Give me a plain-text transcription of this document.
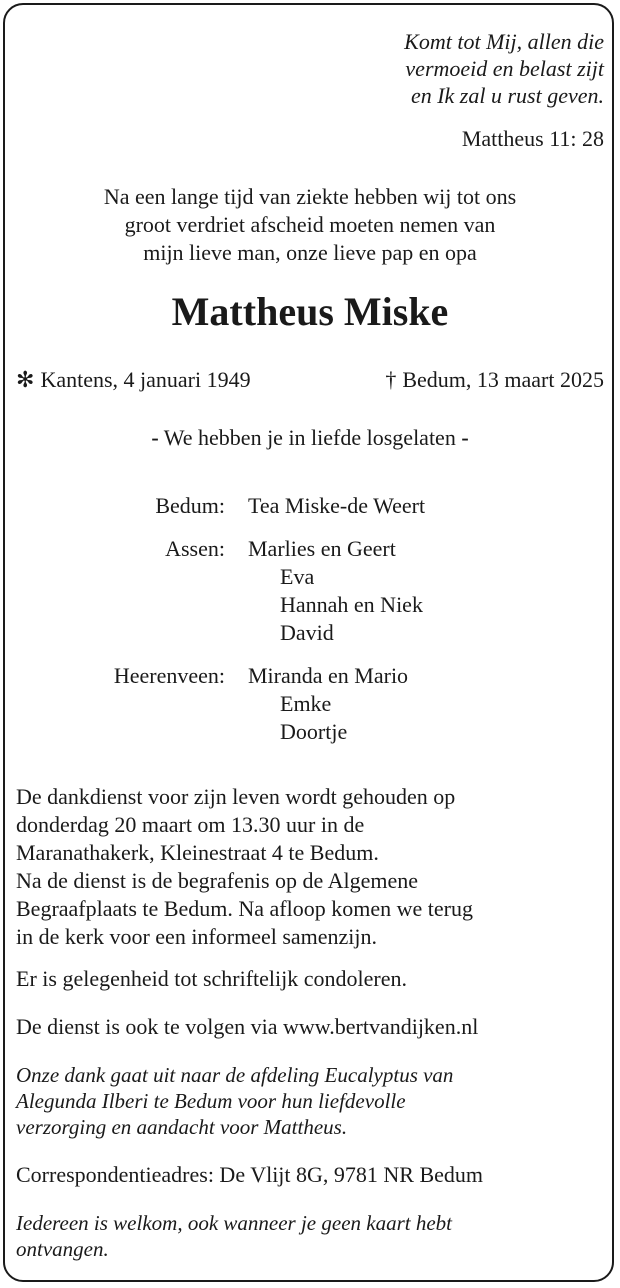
Komt tot Mij, allen die
vermoeid en belast zijt
en Ik zal u rust geven.
Mattheus 11: 28
Na een lange tijd van ziekte hebben wij tot ons
groot verdriet afscheid moeten nemen van
mijn lieve man, onze lieve pap en opa
Mattheus Miske
✻ Kantens, 4 januari 1949	† Bedum, 13 maart 2025
- We hebben je in liefde losgelaten -
Bedum: Tea Miske-de Weert
Assen: Marlies en Geert
Eva
Hannah en Niek
David
Heerenveen: Miranda en Mario
Emke
Doortje
De dankdienst voor zijn leven wordt gehouden op
donderdag 20 maart om 13.30 uur in de
Maranathakerk, Kleinestraat 4 te Bedum.
Na de dienst is de begrafenis op de Algemene
Begraafplaats te Bedum. Na afloop komen we terug
in de kerk voor een informeel samenzijn.
Er is gelegenheid tot schriftelijk condoleren.
De dienst is ook te volgen via www.bertvandijken.nl
Onze dank gaat uit naar de afdeling Eucalyptus van
Alegunda Ilberi te Bedum voor hun liefdevolle
verzorging en aandacht voor Mattheus.
Correspondentieadres: De Vlijt 8G, 9781 NR Bedum
Iedereen is welkom, ook wanneer je geen kaart hebt
ontvangen.
